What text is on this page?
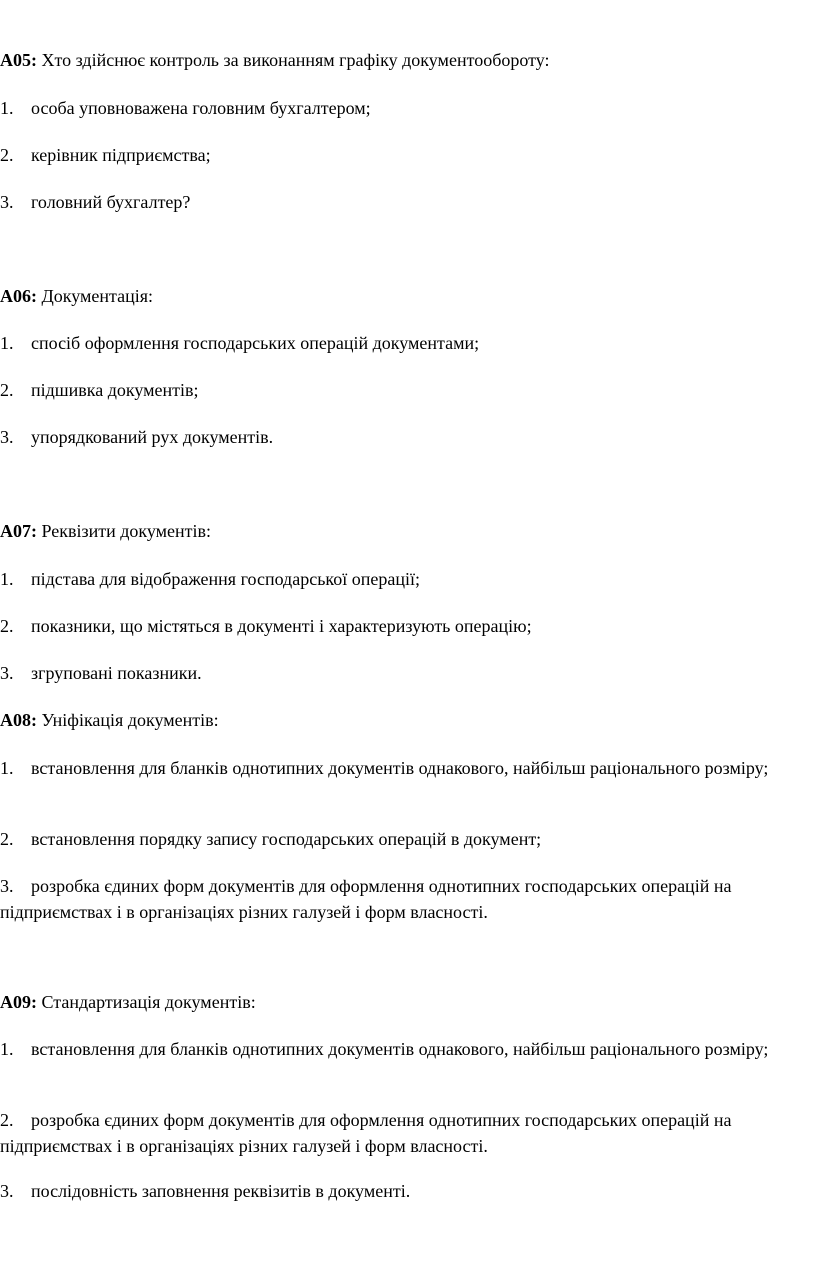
А05: Хто здійснює контроль за виконанням графіку документообороту:
1. особа уповноважена головним бухгалтером;
2. керівник підприємства;
3. головний бухгалтер?
А06: Документація:
1. спосіб оформлення господарських операцій документами;
2. підшивка документів;
3. упорядкований рух документів.
А07: Реквізити документів:
1. підстава для відображення господарської операції;
2. показники, що містяться в документі і характеризують операцію;
3. згруповані показники.
А08: Уніфікація документів:
1. встановлення для бланків однотипних документів однакового, найбільш раціонального розміру;
2. встановлення порядку запису господарських операцій в документ;
3. розробка єдиних форм документів для оформлення однотипних господарських операцій на підприємствах і в організаціях різних галузей і форм власності.
А09: Стандартизація документів:
1. встановлення для бланків однотипних документів однакового, найбільш раціонального розміру;
2. розробка єдиних форм документів для оформлення однотипних господарських операцій на підприємствах і в організаціях різних галузей і форм власності.
3. послідовність заповнення реквізитів в документі.
